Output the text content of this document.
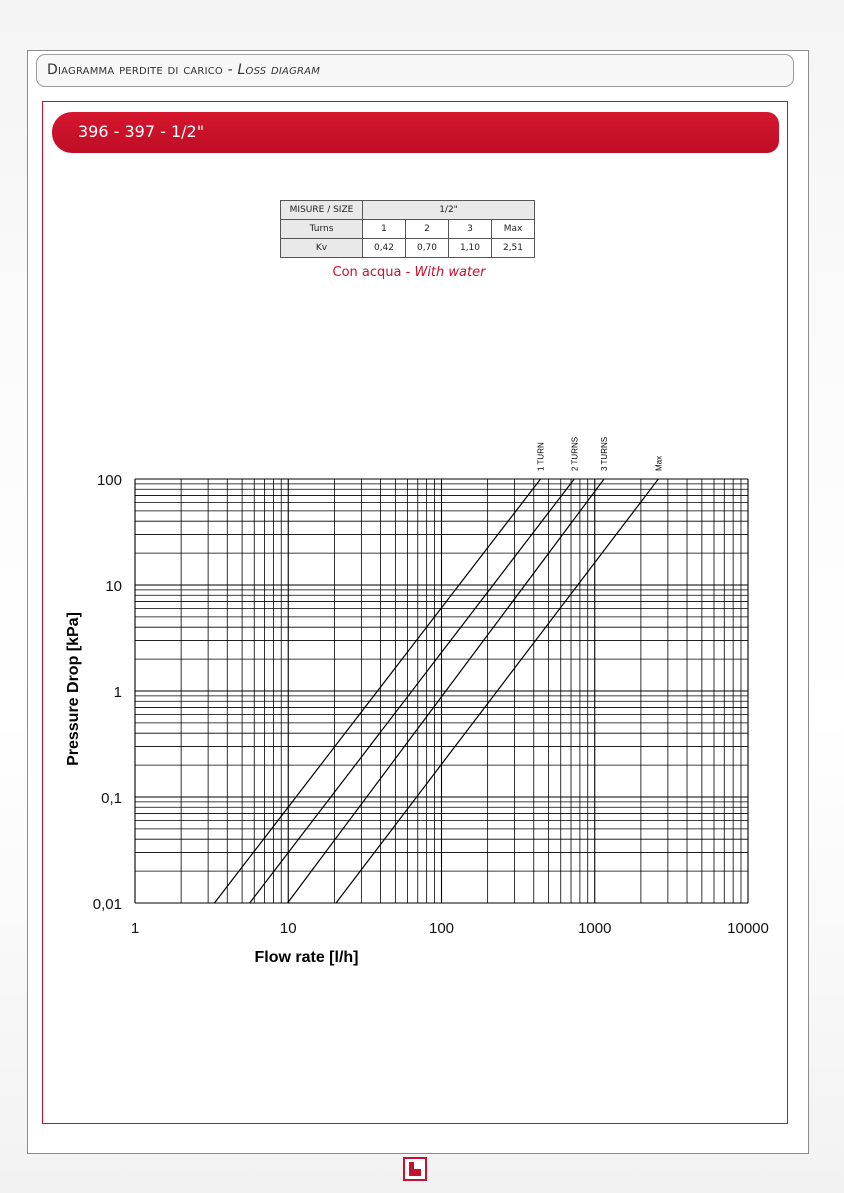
Diagramma perdite di carico - Loss diagram
396 - 397 - 1/2"
MISURE / SIZE	1/2"			
Turns	1	2	3	Max
Kv	0,42	0,70	1,10	2,51
Con acqua - With water
1	10	100	1000	10000
0,01
0,1
1
10
100
Flow rate [l/h]
Pressure Drop [kPa]
1 TURN	2 TURNS	3 TURNS	Max
